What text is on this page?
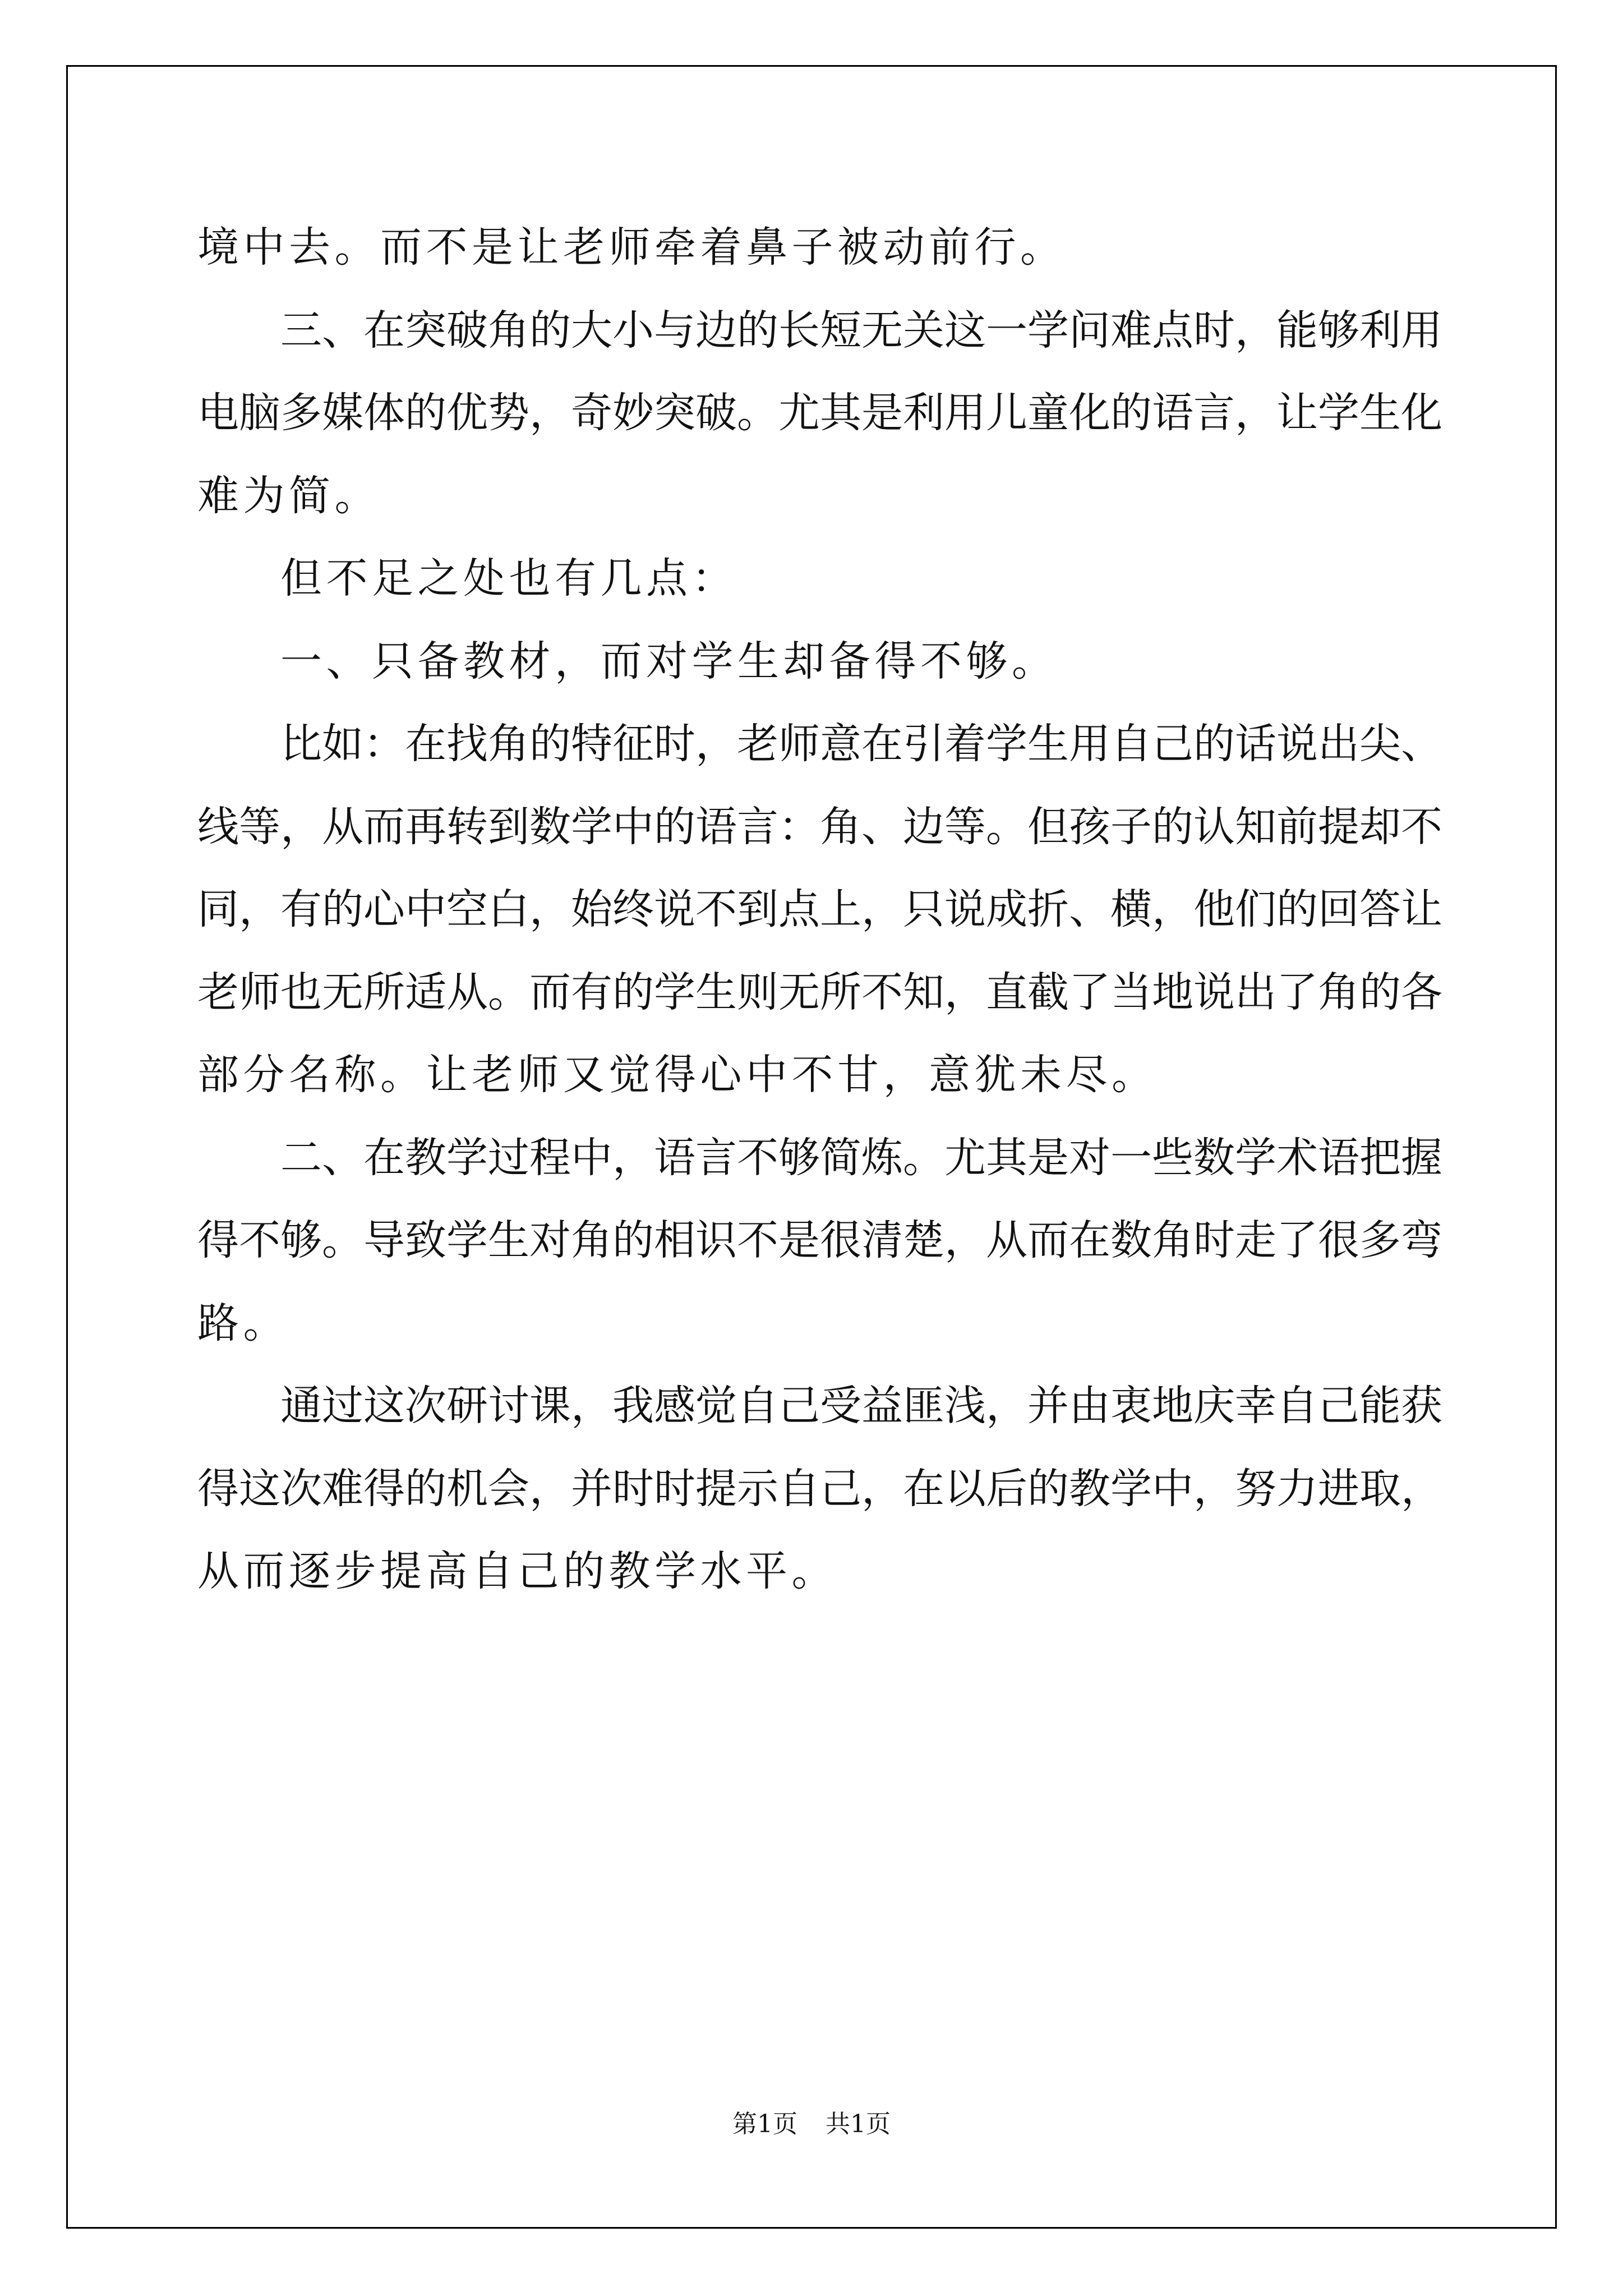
境中去。而不是让老师牵着鼻子被动前行。
三、在突破角的大小与边的长短无关这一学问难点时，能够利用
电脑多媒体的优势，奇妙突破。尤其是利用儿童化的语言，让学生化
难为简。
但不足之处也有几点：
一、只备教材，而对学生却备得不够。
比如：在找角的特征时，老师意在引着学生用自己的话说出尖、
线等，从而再转到数学中的语言：角、边等。但孩子的认知前提却不
同，有的心中空白，始终说不到点上，只说成折、横，他们的回答让
老师也无所适从。而有的学生则无所不知，直截了当地说出了角的各
部分名称。让老师又觉得心中不甘，意犹未尽。
二、在教学过程中，语言不够简炼。尤其是对一些数学术语把握
得不够。导致学生对角的相识不是很清楚，从而在数角时走了很多弯
路。
通过这次研讨课，我感觉自己受益匪浅，并由衷地庆幸自己能获
得这次难得的机会，并时时提示自己，在以后的教学中，努力进取，
从而逐步提高自己的教学水平。
第1页 共1页
